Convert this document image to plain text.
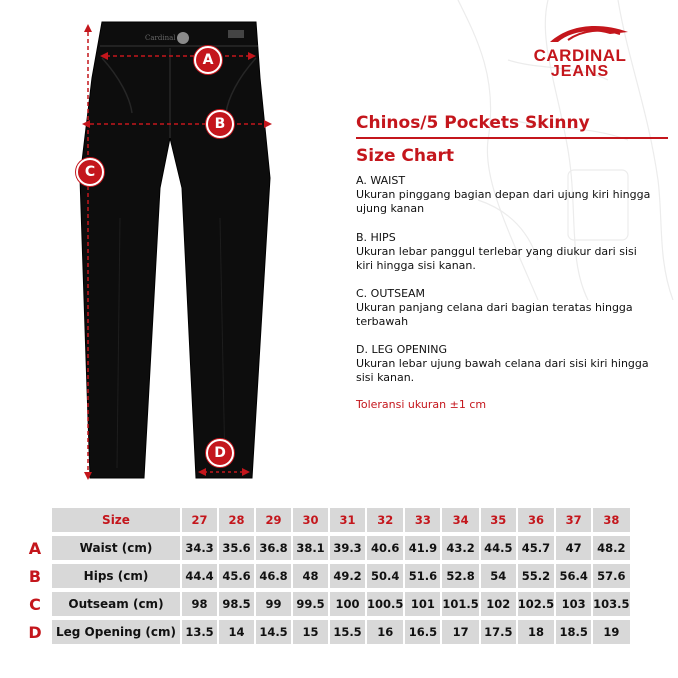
Cardinal
A
B
C
D
CARDINAL
JEANS
Chinos/5 Pockets Skinny
Size Chart
A. WAIST
Ukuran pinggang bagian depan dari ujung kiri hingga ujung kanan
B. HIPS
Ukuran lebar panggul terlebar yang diukur dari sisi kiri hingga sisi kanan.
C. OUTSEAM
Ukuran panjang celana dari bagian teratas hingga terbawah
D. LEG OPENING
Ukuran lebar ujung bawah celana dari sisi kiri hingga sisi kanan.
Toleransi ukuran ±1 cm
	Size	27	28	29	30	31	32	33	34	35	36	37	38
A	Waist (cm)	34.3	35.6	36.8	38.1	39.3	40.6	41.9	43.2	44.5	45.7	47	48.2
B	Hips (cm)	44.4	45.6	46.8	48	49.2	50.4	51.6	52.8	54	55.2	56.4	57.6
C	Outseam (cm)	98	98.5	99	99.5	100	100.5	101	101.5	102	102.5	103	103.5
D	Leg Opening (cm)	13.5	14	14.5	15	15.5	16	16.5	17	17.5	18	18.5	19
